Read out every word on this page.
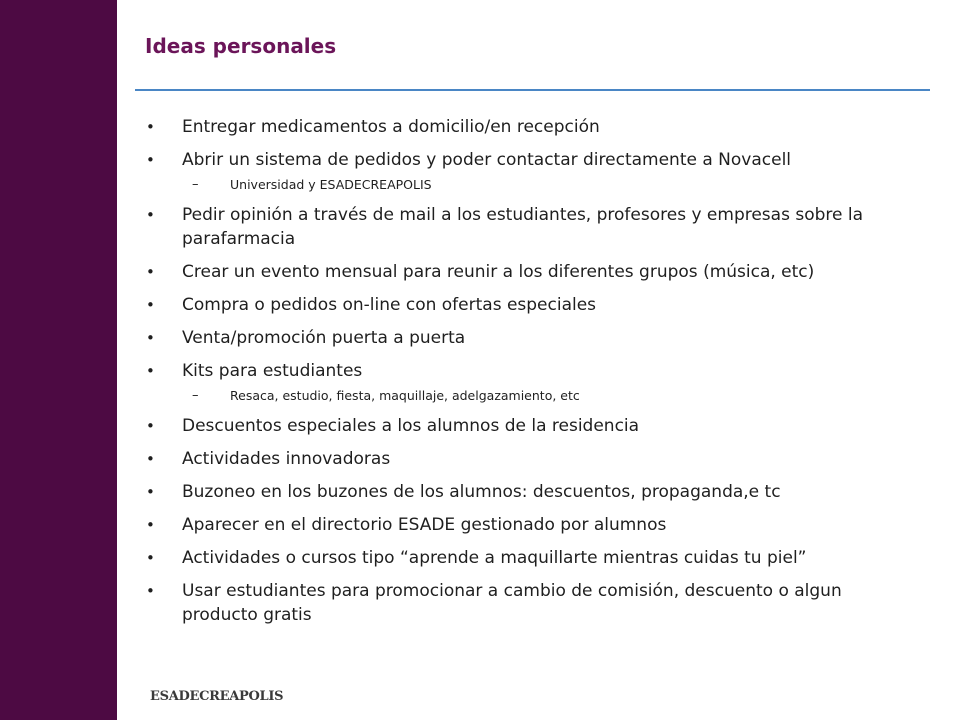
Ideas personales
• Entregar medicamentos a domicilio/en recepción
• Abrir un sistema de pedidos y poder contactar directamente a Novacell
–	Universidad y ESADECREAPOLIS
• Pedir opinión a través de mail a los estudiantes, profesores y empresas sobre la parafarmacia
• Crear un evento mensual para reunir a los diferentes grupos (música, etc)
• Compra o pedidos on-line con ofertas especiales
• Venta/promoción puerta a puerta
• Kits para estudiantes
–	Resaca, estudio, fiesta, maquillaje, adelgazamiento, etc
• Descuentos especiales a los alumnos de la residencia
• Actividades innovadoras
• Buzoneo en los buzones de los alumnos: descuentos, propaganda,e tc
• Aparecer en el directorio ESADE gestionado por alumnos
• Actividades o cursos tipo “aprende a maquillarte mientras cuidas tu piel”
• Usar estudiantes para promocionar a cambio de comisión, descuento o algun producto gratis
ESADECREAPOLIS
